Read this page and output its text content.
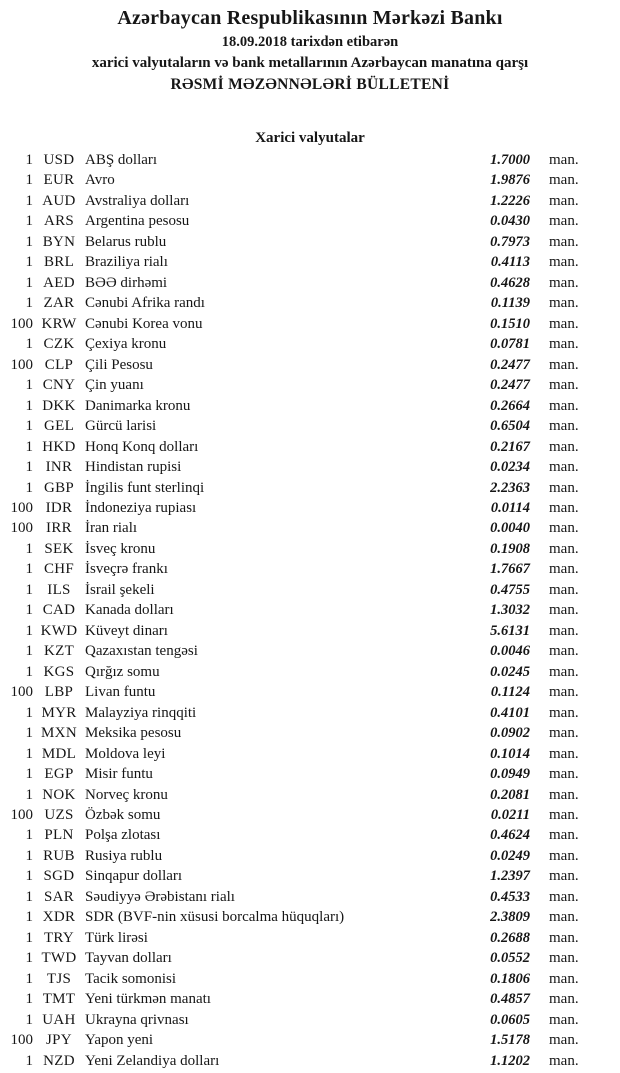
Azərbaycan Respublikasının Mərkəzi Bankı
18.09.2018 tarixdən etibarən
xarici valyutaların və bank metallarının Azərbaycan manatına qarşı
RƏSMİ MƏZƏNNƏLƏRİ BÜLLETENİ
Xarici valyutalar
1 USD ABŞ dolları	1.7000	man.
1 EUR Avro	1.9876	man.
1 AUD Avstraliya dolları	1.2226	man.
1 ARS Argentina pesosu	0.0430	man.
1 BYN Belarus rublu	0.7973	man.
1 BRL Braziliya rialı	0.4113	man.
1 AED BƏƏ dirhəmi	0.4628	man.
1 ZAR Cənubi Afrika randı	0.1139	man.
100 KRW Cənubi Korea vonu	0.1510	man.
1 CZK Çexiya kronu	0.0781	man.
100 CLP Çili Pesosu	0.2477	man.
1 CNY Çin yuanı	0.2477	man.
1 DKK Danimarka kronu	0.2664	man.
1 GEL Gürcü larisi	0.6504	man.
1 HKD Honq Konq dolları	0.2167	man.
1 INR Hindistan rupisi	0.0234	man.
1 GBP İngilis funt sterlinqi	2.2363	man.
100 IDR İndoneziya rupiası	0.0114	man.
100 IRR İran rialı	0.0040	man.
1 SEK İsveç kronu	0.1908	man.
1 CHF İsveçrə frankı	1.7667	man.
1 ILS İsrail şekeli	0.4755	man.
1 CAD Kanada dolları	1.3032	man.
1 KWD Küveyt dinarı	5.6131	man.
1 KZT Qazaxıstan tengəsi	0.0046	man.
1 KGS Qırğız somu	0.0245	man.
100 LBP Livan funtu	0.1124	man.
1 MYR Malayziya rinqqiti	0.4101	man.
1 MXN Meksika pesosu	0.0902	man.
1 MDL Moldova leyi	0.1014	man.
1 EGP Misir funtu	0.0949	man.
1 NOK Norveç kronu	0.2081	man.
100 UZS Özbək somu	0.0211	man.
1 PLN Polşa zlotası	0.4624	man.
1 RUB Rusiya rublu	0.0249	man.
1 SGD Sinqapur dolları	1.2397	man.
1 SAR Səudiyyə Ərəbistanı rialı	0.4533	man.
1 XDR SDR (BVF-nin xüsusi borcalma hüquqları)	2.3809	man.
1 TRY Türk lirəsi	0.2688	man.
1 TWD Tayvan dolları	0.0552	man.
1 TJS Tacik somonisi	0.1806	man.
1 TMT Yeni türkmən manatı	0.4857	man.
1 UAH Ukrayna qrivnası	0.0605	man.
100 JPY Yapon yeni	1.5178	man.
1 NZD Yeni Zelandiya dolları	1.1202	man.
